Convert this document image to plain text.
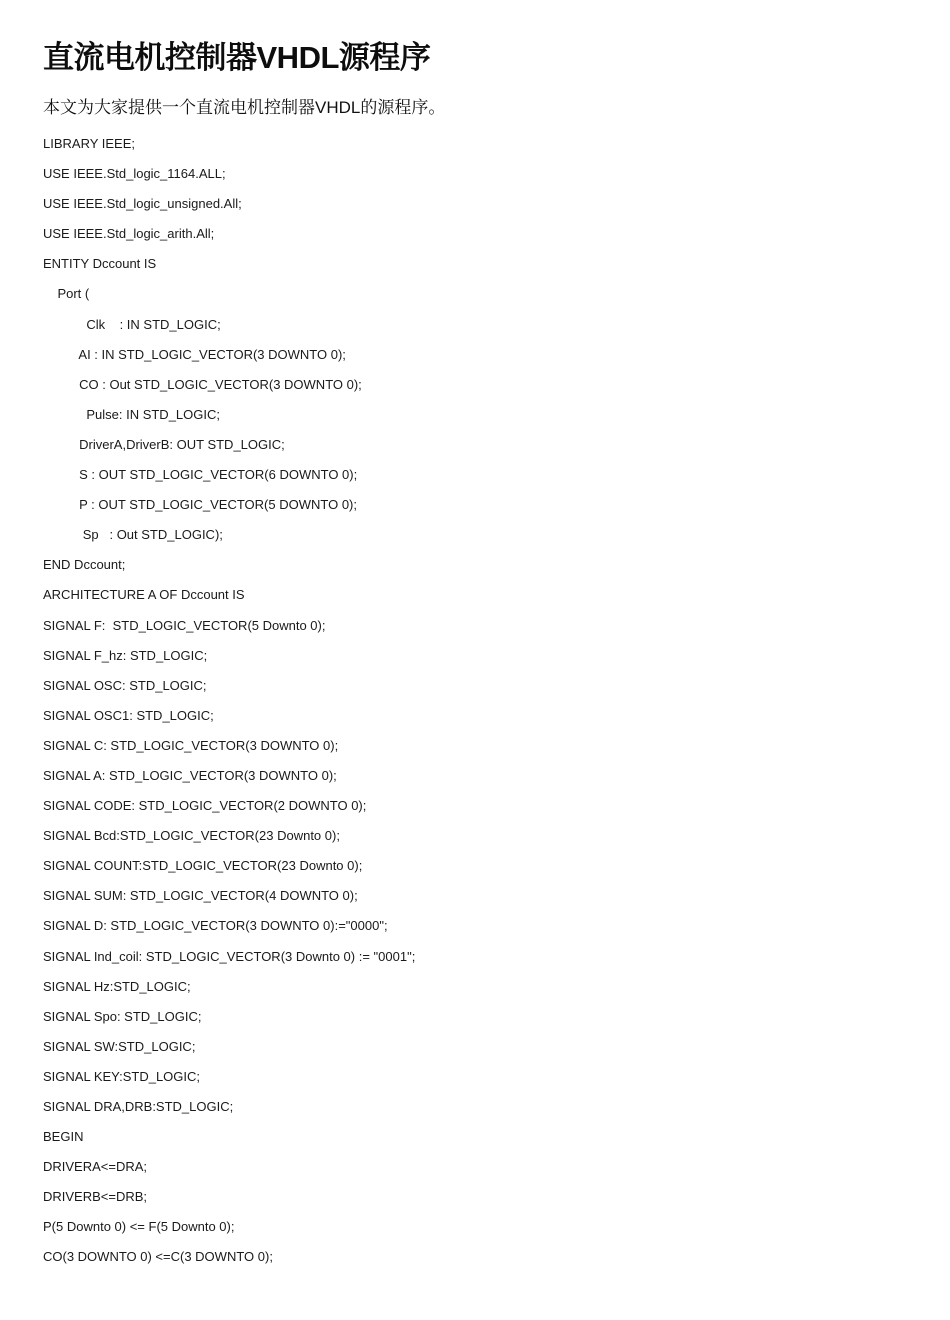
直流电机控制器VHDL源程序

本文为大家提供一个直流电机控制器VHDL的源程序。

LIBRARY IEEE;
USE IEEE.Std_logic_1164.ALL;
USE IEEE.Std_logic_unsigned.All;
USE IEEE.Std_logic_arith.All;
ENTITY Dccount IS
Port (
Clk    : IN STD_LOGIC;
AI : IN STD_LOGIC_VECTOR(3 DOWNTO 0);
CO : Out STD_LOGIC_VECTOR(3 DOWNTO 0);
Pulse: IN STD_LOGIC;
DriverA,DriverB: OUT STD_LOGIC;
S : OUT STD_LOGIC_VECTOR(6 DOWNTO 0);
P : OUT STD_LOGIC_VECTOR(5 DOWNTO 0);
Sp   : Out STD_LOGIC);
END Dccount;
ARCHITECTURE A OF Dccount IS
SIGNAL F:  STD_LOGIC_VECTOR(5 Downto 0);
SIGNAL F_hz: STD_LOGIC;
SIGNAL OSC: STD_LOGIC;
SIGNAL OSC1: STD_LOGIC;
SIGNAL C: STD_LOGIC_VECTOR(3 DOWNTO 0);
SIGNAL A: STD_LOGIC_VECTOR(3 DOWNTO 0);
SIGNAL CODE: STD_LOGIC_VECTOR(2 DOWNTO 0);
SIGNAL Bcd:STD_LOGIC_VECTOR(23 Downto 0);
SIGNAL COUNT:STD_LOGIC_VECTOR(23 Downto 0);
SIGNAL SUM: STD_LOGIC_VECTOR(4 DOWNTO 0);
SIGNAL D: STD_LOGIC_VECTOR(3 DOWNTO 0):="0000";
SIGNAL Ind_coil: STD_LOGIC_VECTOR(3 Downto 0) := "0001";
SIGNAL Hz:STD_LOGIC;
SIGNAL Spo: STD_LOGIC;
SIGNAL SW:STD_LOGIC;
SIGNAL KEY:STD_LOGIC;
SIGNAL DRA,DRB:STD_LOGIC;
BEGIN
DRIVERA<=DRA;
DRIVERB<=DRB;
P(5 Downto 0) <= F(5 Downto 0);
CO(3 DOWNTO 0) <=C(3 DOWNTO 0);
